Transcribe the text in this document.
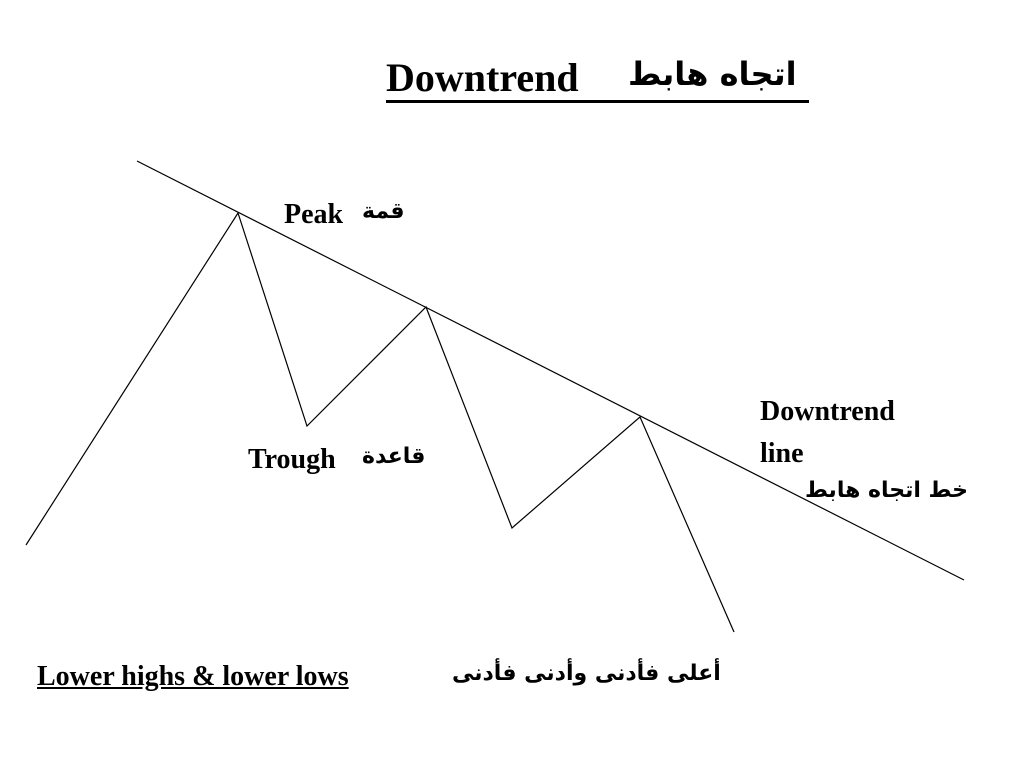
Downtrend اتجاه هابط
Peak قمة
Trough قاعدة
Downtrend
line
خط اتجاه هابط
Lower highs & lower lows	أعلى فأدنى وأدنى فأدنى
